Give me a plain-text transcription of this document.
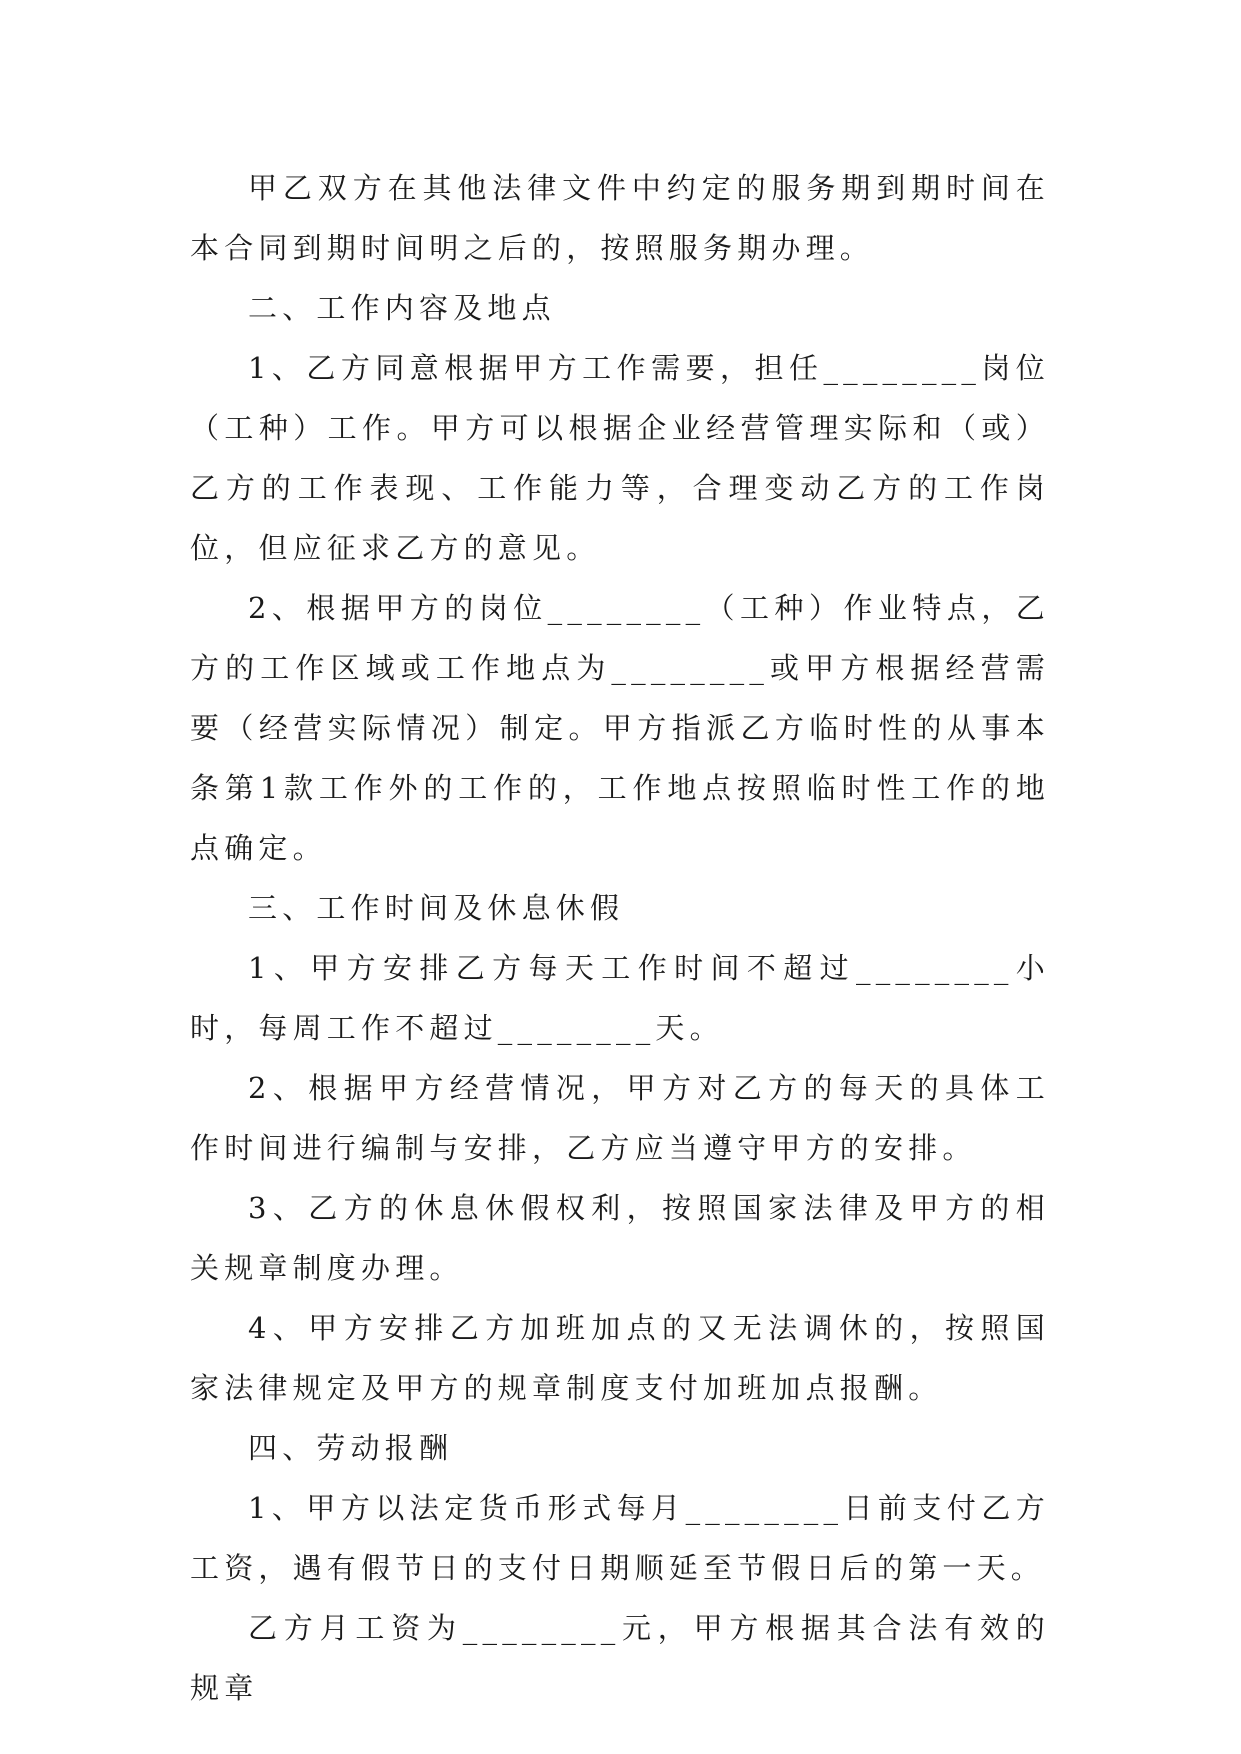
甲乙双方在其他法律文件中约定的服务期到期时间在本合同到期时间明之后的，按照服务期办理。

二、工作内容及地点

1、乙方同意根据甲方工作需要，担任________岗位（工种）工作。甲方可以根据企业经营管理实际和（或）乙方的工作表现、工作能力等，合理变动乙方的工作岗位，但应征求乙方的意见。

2、根据甲方的岗位________（工种）作业特点，乙方的工作区域或工作地点为________或甲方根据经营需要（经营实际情况）制定。甲方指派乙方临时性的从事本条第1款工作外的工作的，工作地点按照临时性工作的地点确定。

三、工作时间及休息休假

1、甲方安排乙方每天工作时间不超过________小时，每周工作不超过________天。

2、根据甲方经营情况，甲方对乙方的每天的具体工作时间进行编制与安排，乙方应当遵守甲方的安排。

3、乙方的休息休假权利，按照国家法律及甲方的相关规章制度办理。

4、甲方安排乙方加班加点的又无法调休的，按照国家法律规定及甲方的规章制度支付加班加点报酬。

四、劳动报酬

1、甲方以法定货币形式每月________日前支付乙方工资，遇有假节日的支付日期顺延至节假日后的第一天。

乙方月工资为________元，甲方根据其合法有效的规章
